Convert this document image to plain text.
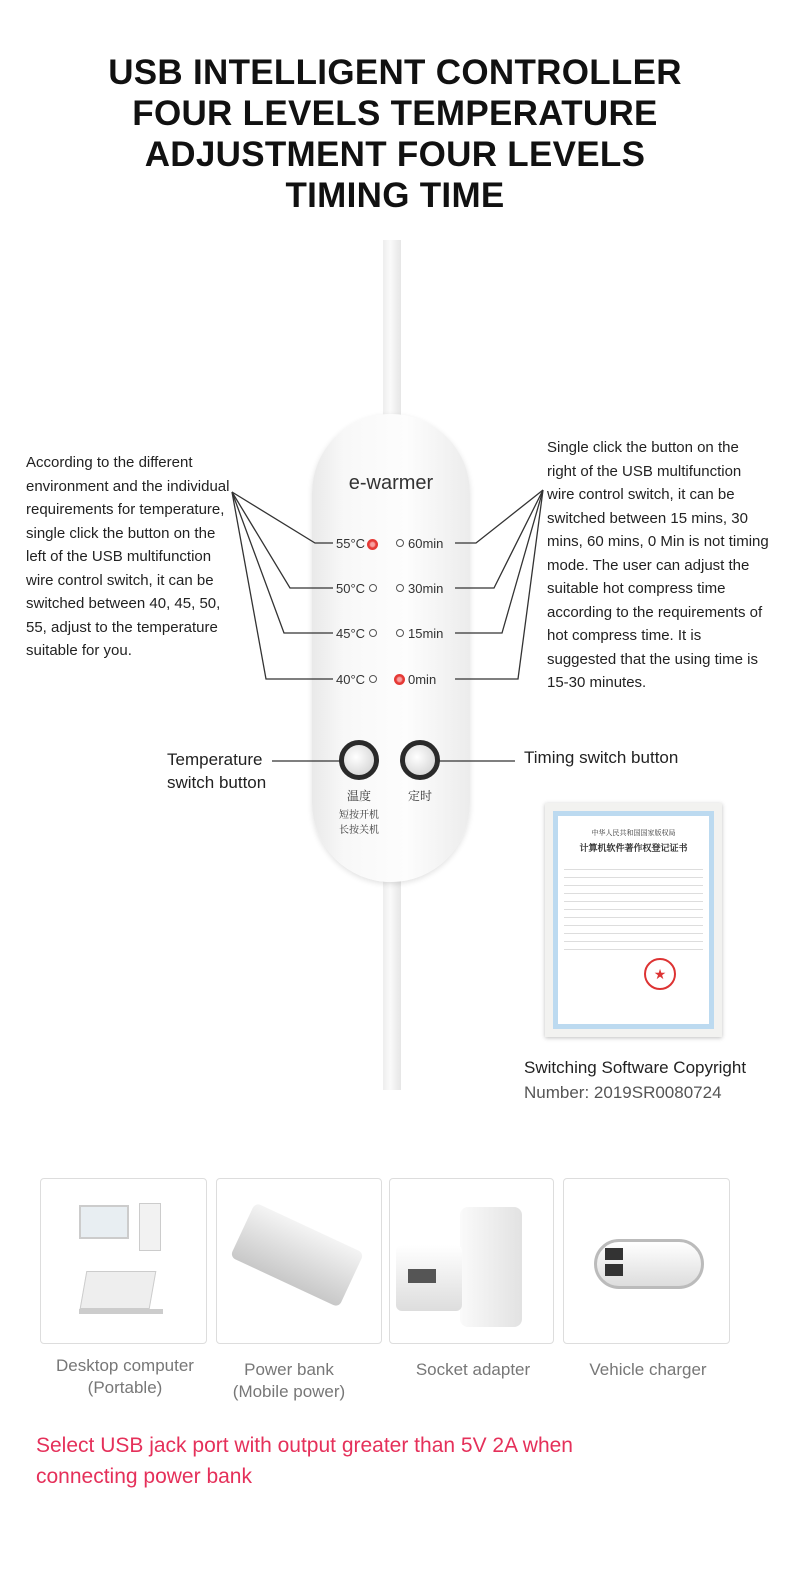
USB INTELLIGENT CONTROLLER
FOUR LEVELS TEMPERATURE
ADJUSTMENT FOUR LEVELS
TIMING TIME
e-warmer
55°C
50°C
45°C
40°C
60min
30min
15min
0min
温度
短按开机
长按关机
定时
According to the different environment and the individual requirements for temperature, single click the button on the left of the USB multifunction wire control switch, it can be switched between 40, 45, 50, 55, adjust to the temperature suitable for you.
Single click the button on the right of the USB multifunction wire control switch, it can be switched between 15 mins, 30 mins, 60 mins, 0 Min is not timing mode. The user can adjust the suitable hot compress time according to the requirements of hot compress time. It is suggested that the using time is 15-30 minutes.
Temperature switch button
Timing switch button
中华人民共和国国家版权局
计算机软件著作权登记证书
★
Switching Software Copyright
Number: 2019SR0080724
Desktop computer
(Portable)
Power bank
(Mobile power)
Socket adapter	Vehicle charger
Select USB jack port with output greater than 5V 2A when connecting power bank
